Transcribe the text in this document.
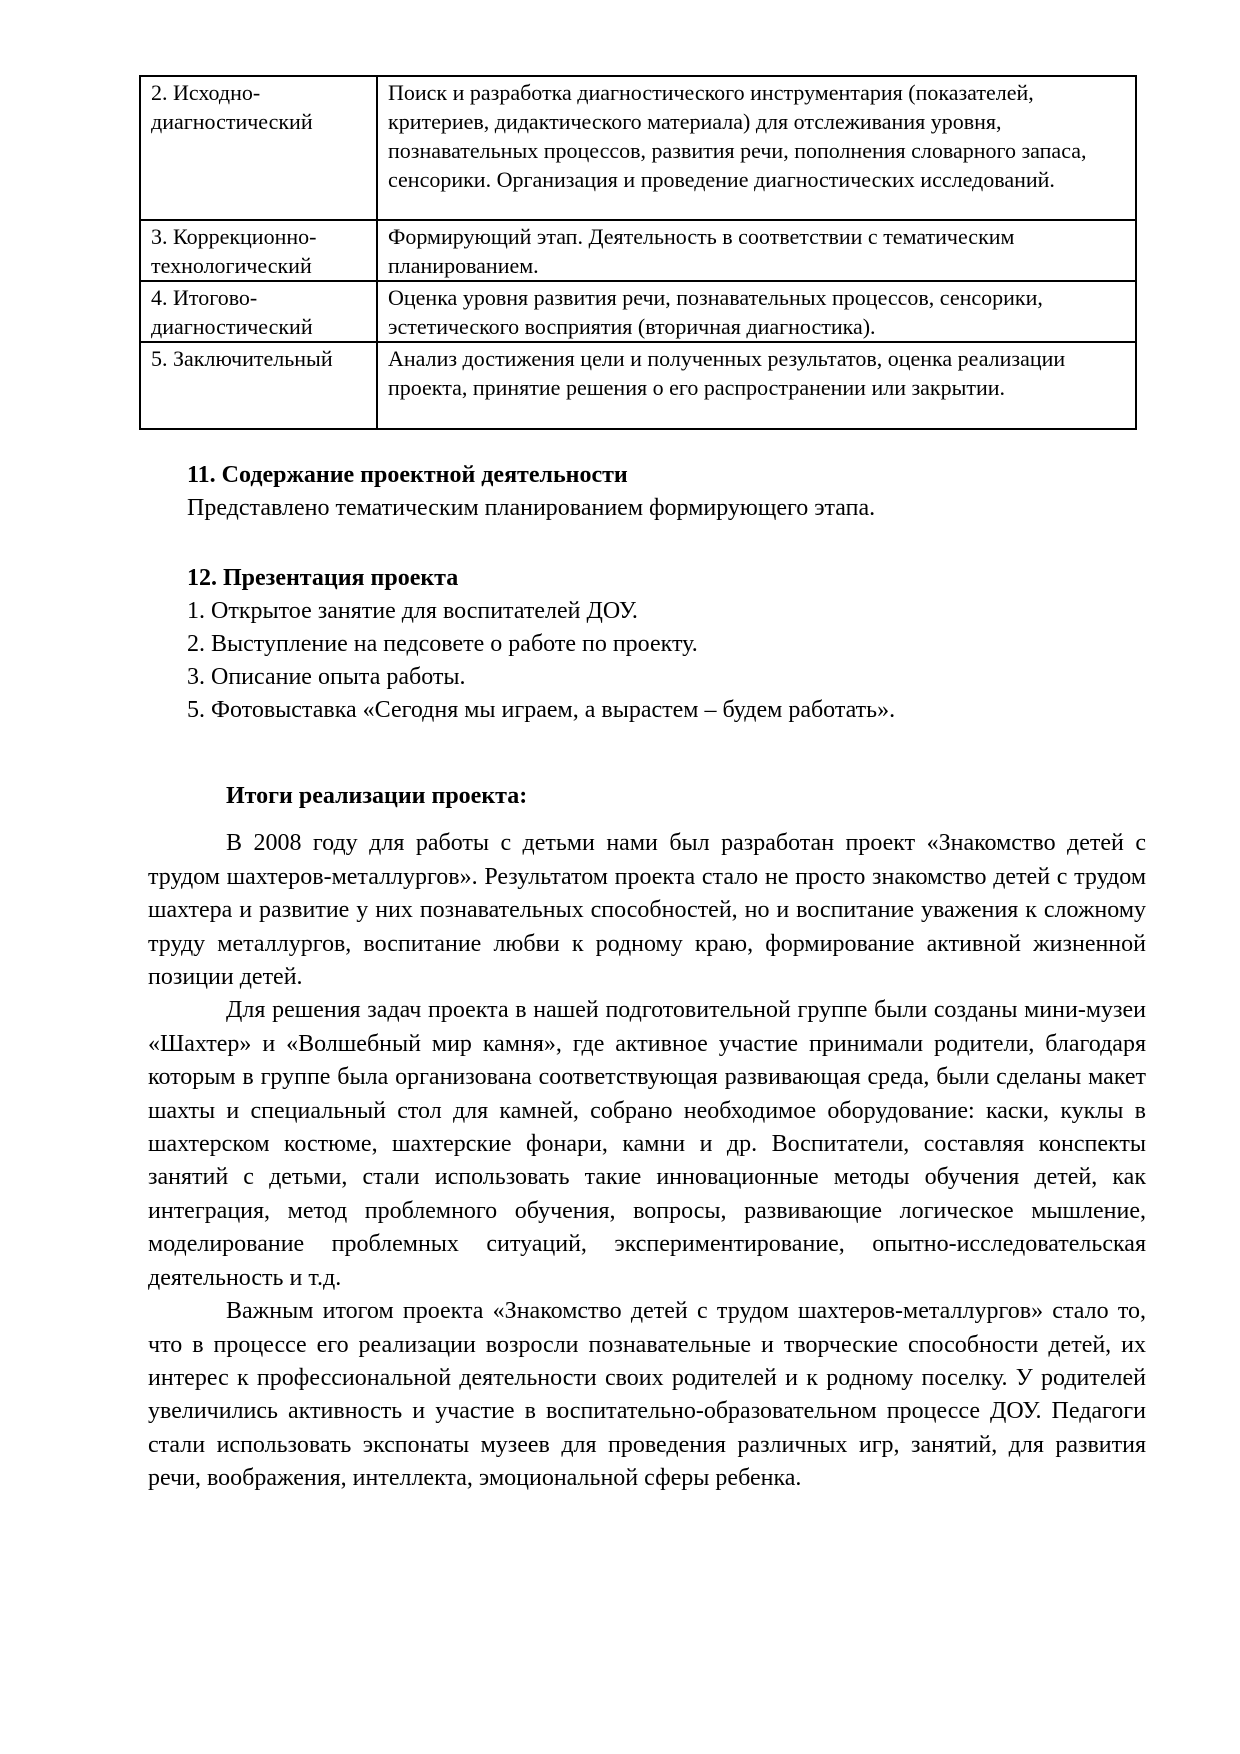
2. Исходно-диагностический	Поиск и разработка диагностического инструментария (показателей, критериев, дидактического материала) для отслеживания уровня, познавательных процессов, развития речи, пополнения словарного запаса, сенсорики. Организация и проведение диагностических исследований.
3. Коррекционно-технологический	Формирующий этап. Деятельность в соответствии с тематическим планированием.
4. Итогово-диагностический	Оценка уровня развития речи, познавательных процессов, сенсорики, эстетического восприятия (вторичная диагностика).
5. Заключительный	Анализ достижения цели и полученных результатов, оценка реализации проекта, принятие решения о его распространении или закрытии.
11. Содержание проектной деятельности
Представлено тематическим планированием формирующего этапа.
12. Презентация проекта
1. Открытое занятие для воспитателей ДОУ.
2. Выступление на педсовете о работе по проекту.
3. Описание опыта работы.
5. Фотовыставка «Сегодня мы играем, а вырастем – будем работать».
Итоги реализации проекта:

В 2008 году для работы с детьми нами был разработан проект «Знакомство детей с трудом шахтеров-металлургов». Результатом проекта стало не просто знакомство детей с трудом шахтера и развитие у них познавательных способностей, но и воспитание уважения к сложному труду металлургов, воспитание любви к родному краю, формирование активной жизненной позиции детей.

Для решения задач проекта в нашей подготовительной группе были созданы мини-музеи «Шахтер» и «Волшебный мир камня», где активное участие принимали родители, благодаря которым в группе была организована соответствующая развивающая среда, были сделаны макет шахты и специальный стол для камней, собрано необходимое оборудование: каски, куклы в шахтерском костюме, шахтерские фонари, камни и др. Воспитатели, составляя конспекты занятий с детьми, стали использовать такие инновационные методы обучения детей, как интеграция, метод проблемного обучения, вопросы, развивающие логическое мышление, моделирование проблемных ситуаций, экспериментирование, опытно-исследовательская деятельность и т.д.

Важным итогом проекта «Знакомство детей с трудом шахтеров-металлургов» стало то, что в процессе его реализации возросли познавательные и творческие способности детей, их интерес к профессиональной деятельности своих родителей и к родному поселку. У родителей увеличились активность и участие в воспитательно-образовательном процессе ДОУ. Педагоги стали использовать экспонаты музеев для проведения различных игр, занятий, для развития речи, воображения, интеллекта, эмоциональной сферы ребенка.
